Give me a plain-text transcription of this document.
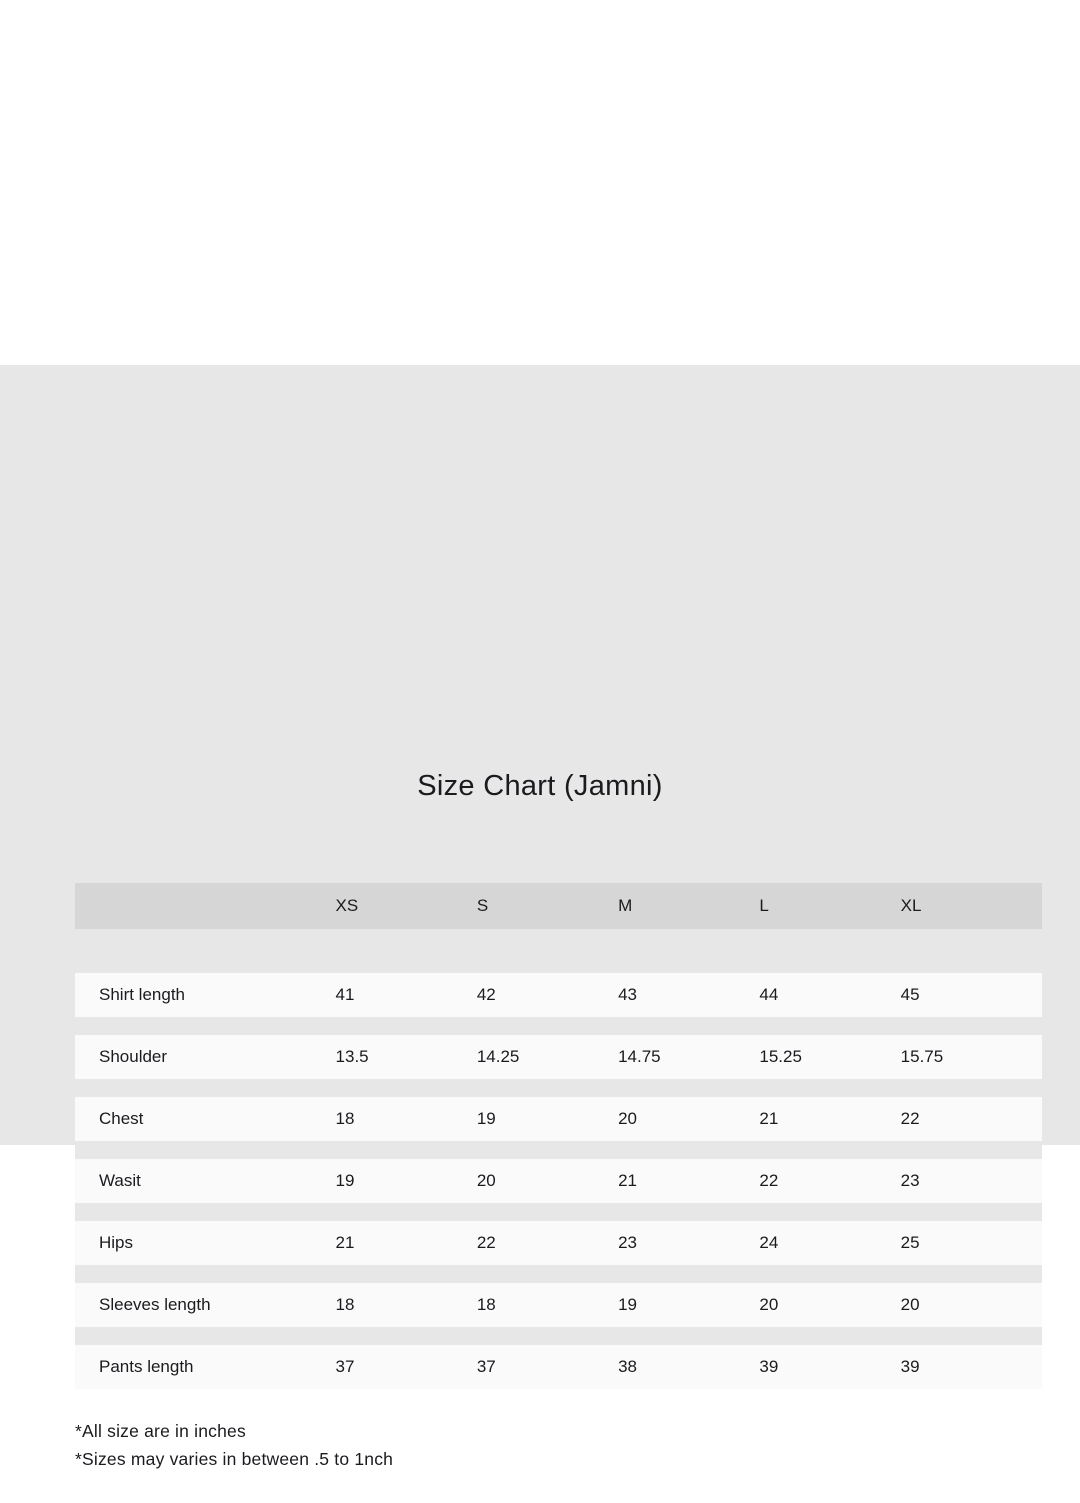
Size Chart (Jamni)
	XS	S	M	L	XL

Shirt length	41	42	43	44	45

Shoulder	13.5	14.25	14.75	15.25	15.75

Chest	18	19	20	21	22

Wasit	19	20	21	22	23

Hips	21	22	23	24	25

Sleeves length	18	18	19	20	20

Pants length	37	37	38	39	39
*All size are in inches
*Sizes may varies in between .5 to 1nch
